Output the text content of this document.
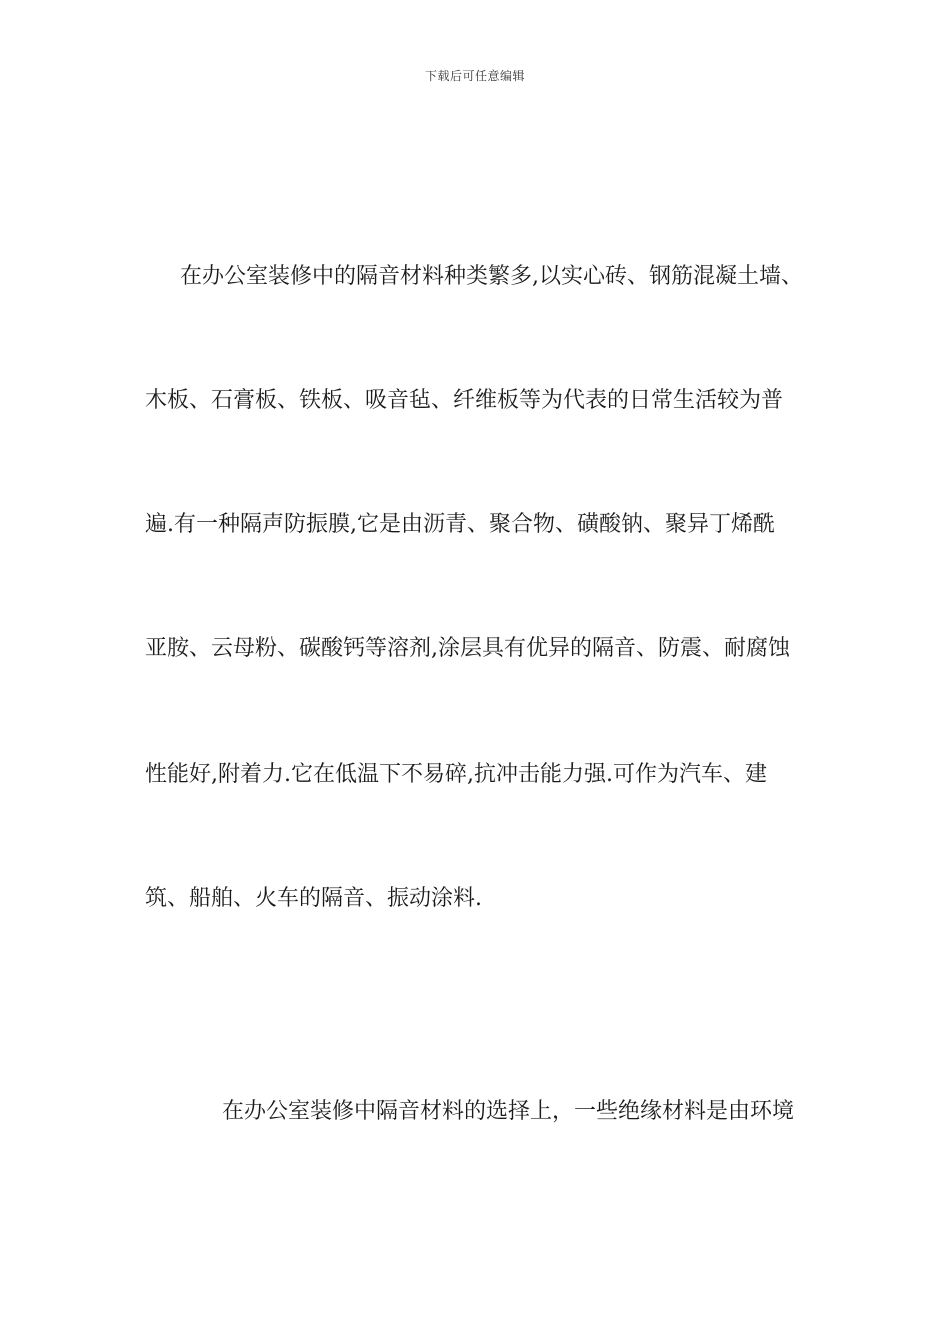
下载后可任意编辑
在办公室装修中的隔音材料种类繁多,以实心砖、钢筋混凝土墙、
木板、石膏板、铁板、吸音毡、纤维板等为代表的日常生活较为普
遍.有一种隔声防振膜,它是由沥青、聚合物、磺酸钠、聚异丁烯酰
亚胺、云母粉、碳酸钙等溶剂,涂层具有优异的隔音、防震、耐腐蚀
性能好,附着力.它在低温下不易碎,抗冲击能力强.可作为汽车、建
筑、船舶、火车的隔音、振动涂料.
在办公室装修中隔音材料的选择上，一些绝缘材料是由环境
